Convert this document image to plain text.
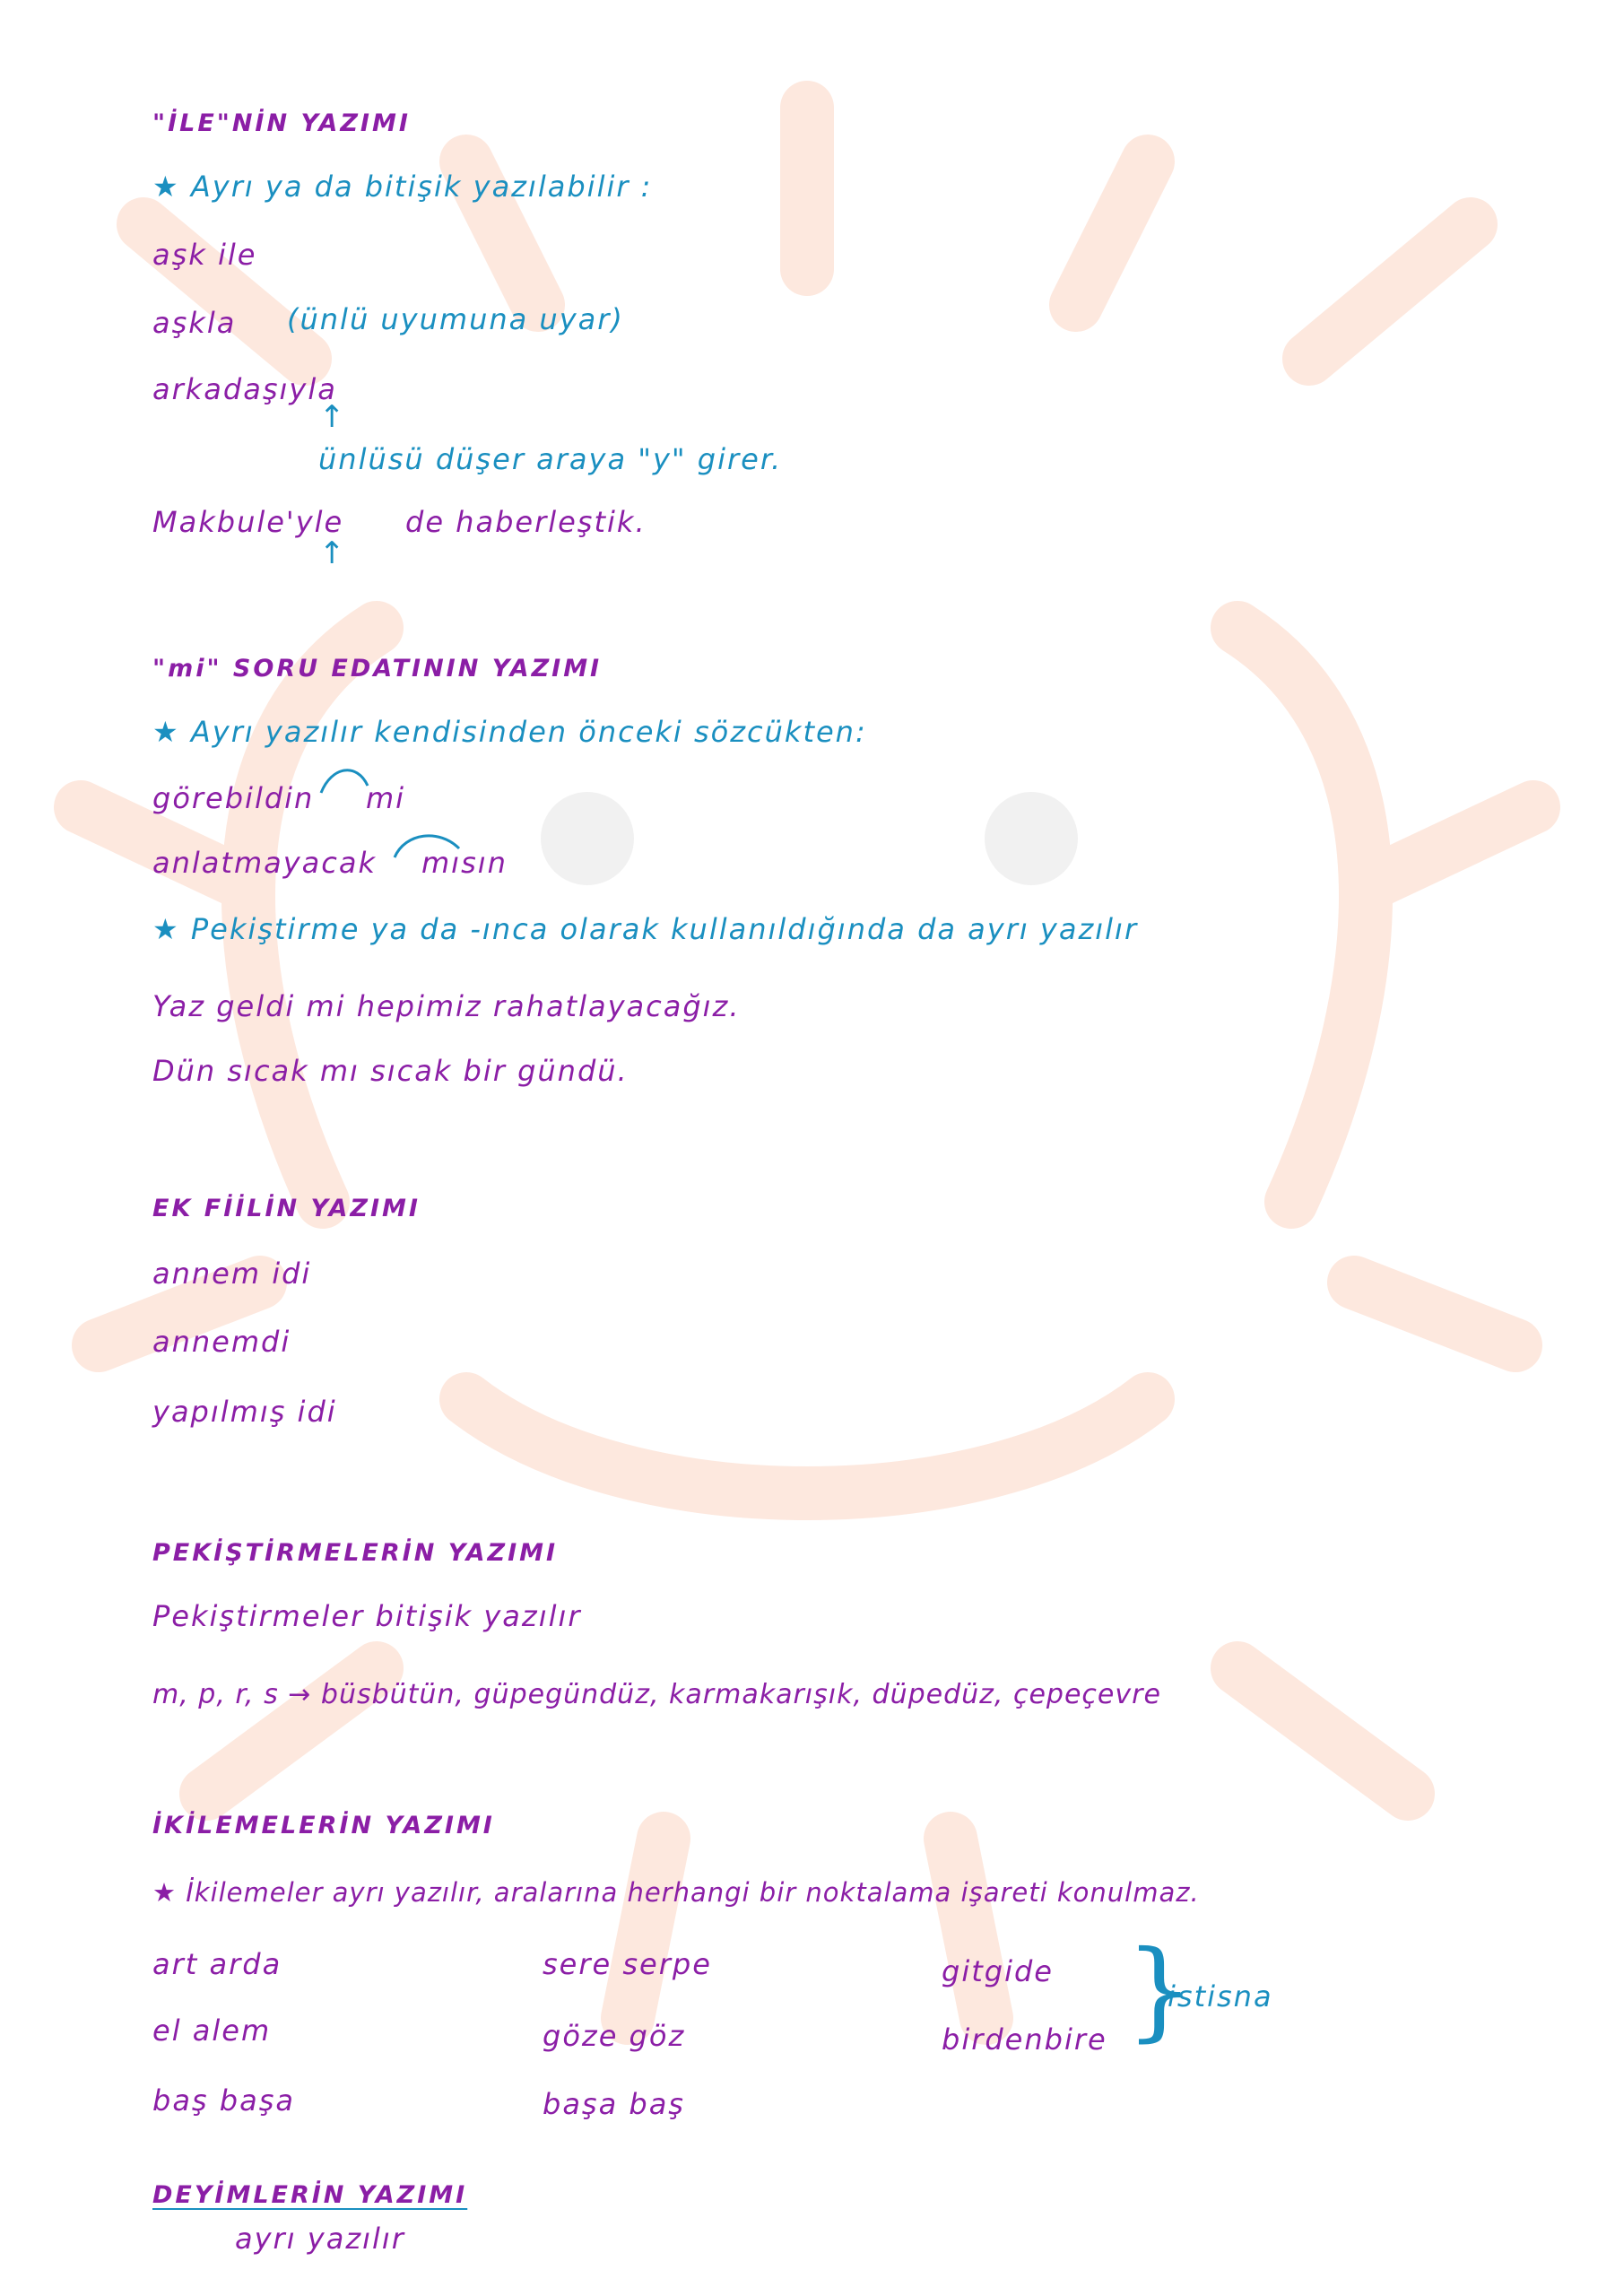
"İLE"NİN YAZIMI
★ Ayrı ya da bitişik yazılabilir :
aşk ile
aşkla (ünlü uyumuna uyar)
arkadaşıyla
↑
ünlüsü düşer araya "y" girer.
Makbule'yle de haberleştik.
↑
"mi" SORU EDATININ YAZIMI
★ Ayrı yazılır kendisinden önceki sözcükten:
görebildin mi
anlatmayacak mısın
★ Pekiştirme ya da -ınca olarak kullanıldığında da ayrı yazılır
Yaz geldi mi hepimiz rahatlayacağız.
Dün sıcak mı sıcak bir gündü.
EK FİİLİN YAZIMI
annem idi
annemdi
yapılmış idi
PEKİŞTİRMELERİN YAZIMI
Pekiştirmeler bitişik yazılır
m, p, r, s → büsbütün, güpegündüz, karmakarışık, düpedüz, çepeçevre
İKİLEMELERİN YAZIMI
★ İkilemeler ayrı yazılır, aralarına herhangi bir noktalama işareti konulmaz.
art arda
el alem
baş başa
sere serpe
göze göz
başa baş
gitgide
birdenbire }
istisna
DEYİMLERİN YAZIMI
ayrı yazılır
